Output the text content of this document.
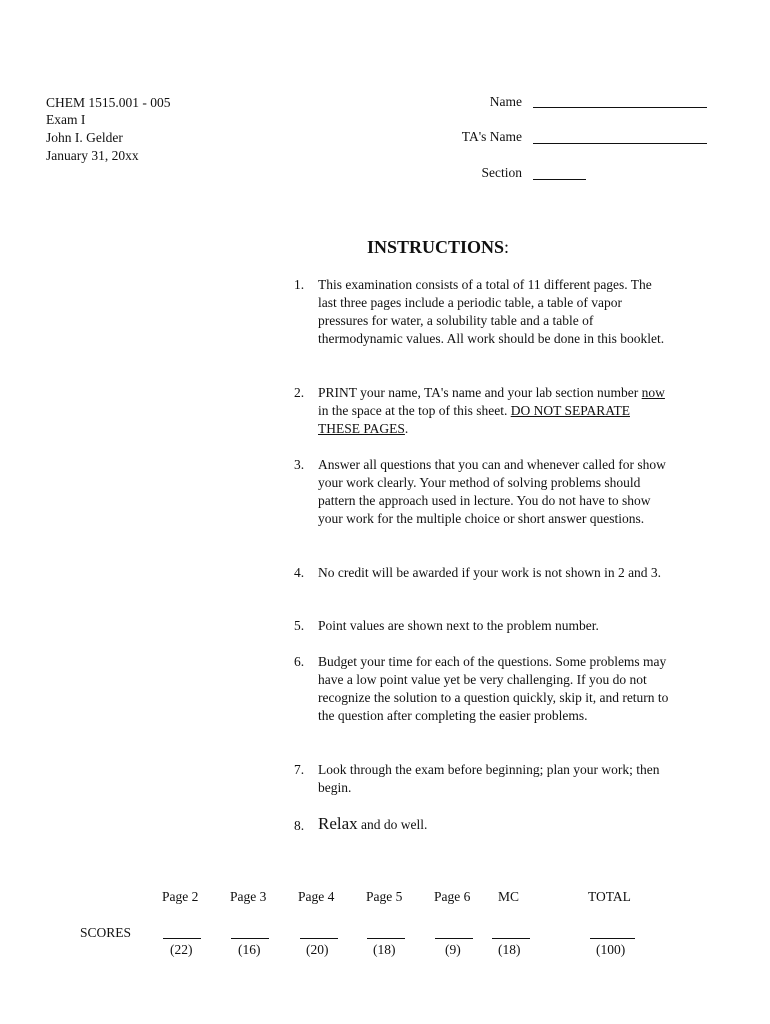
CHEM 1515.001 - 005
Exam I
John I. Gelder
January 31, 20xx
Name
TA's Name
Section
INSTRUCTIONS:
1. This examination consists of a total of 11 different pages. The last three pages include a periodic table, a table of vapor pressures for water, a solubility table and a table of thermodynamic values. All work should be done in this booklet.
2. PRINT your name, TA's name and your lab section number now in the space at the top of this sheet. DO NOT SEPARATE THESE PAGES.
3. Answer all questions that you can and whenever called for show your work clearly. Your method of solving problems should pattern the approach used in lecture. You do not have to show your work for the multiple choice or short answer questions.
4. No credit will be awarded if your work is not shown in 2 and 3.
5. Point values are shown next to the problem number.
6. Budget your time for each of the questions. Some problems may have a low point value yet be very challenging. If you do not recognize the solution to a question quickly, skip it, and return to the question after completing the easier problems.
7. Look through the exam before beginning; plan your work; then begin.
8. Relax and do well.
SCORES
Page 2 Page 3 Page 4 Page 5 Page 6 MC	TOTAL
(22)	(16)	(20)	(18)	(9)	(18)	(100)
